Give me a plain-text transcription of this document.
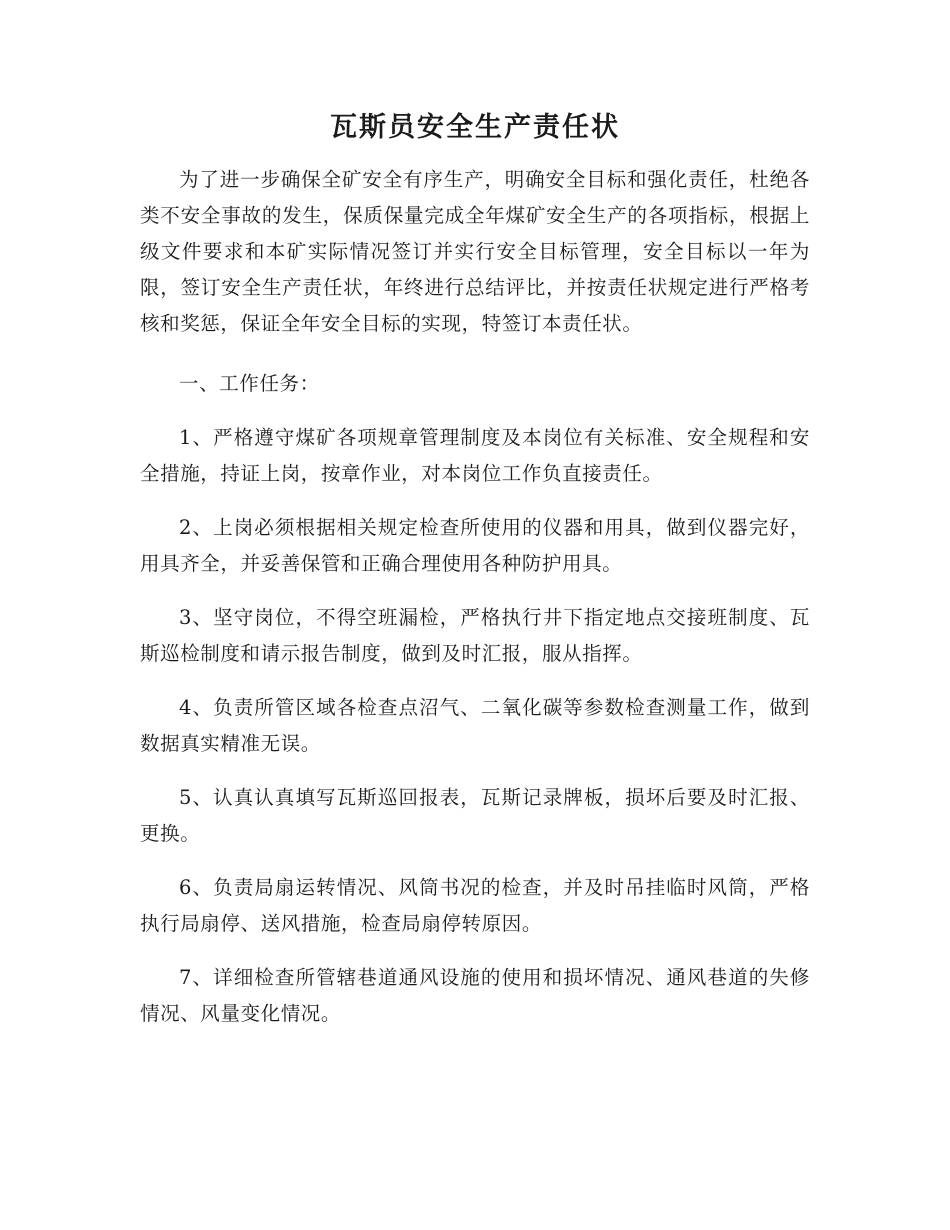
瓦斯员安全生产责任状

为了进一步确保全矿安全有序生产，明确安全目标和强化责任，杜绝各类不安全事故的发生，保质保量完成全年煤矿安全生产的各项指标，根据上级文件要求和本矿实际情况签订并实行安全目标管理，安全目标以一年为限，签订安全生产责任状，年终进行总结评比，并按责任状规定进行严格考核和奖惩，保证全年安全目标的实现，特签订本责任状。

一、工作任务：

1、严格遵守煤矿各项规章管理制度及本岗位有关标准、安全规程和安全措施，持证上岗，按章作业，对本岗位工作负直接责任。

2、上岗必须根据相关规定检查所使用的仪器和用具，做到仪器完好，用具齐全，并妥善保管和正确合理使用各种防护用具。

3、坚守岗位，不得空班漏检，严格执行井下指定地点交接班制度、瓦斯巡检制度和请示报告制度，做到及时汇报，服从指挥。

4、负责所管区域各检查点沼气、二氧化碳等参数检查测量工作，做到数据真实精准无误。

5、认真认真填写瓦斯巡回报表，瓦斯记录牌板，损坏后要及时汇报、更换。

6、负责局扇运转情况、风筒书况的检查，并及时吊挂临时风筒，严格执行局扇停、送风措施，检查局扇停转原因。

7、详细检查所管辖巷道通风设施的使用和损坏情况、通风巷道的失修情况、风量变化情况。
